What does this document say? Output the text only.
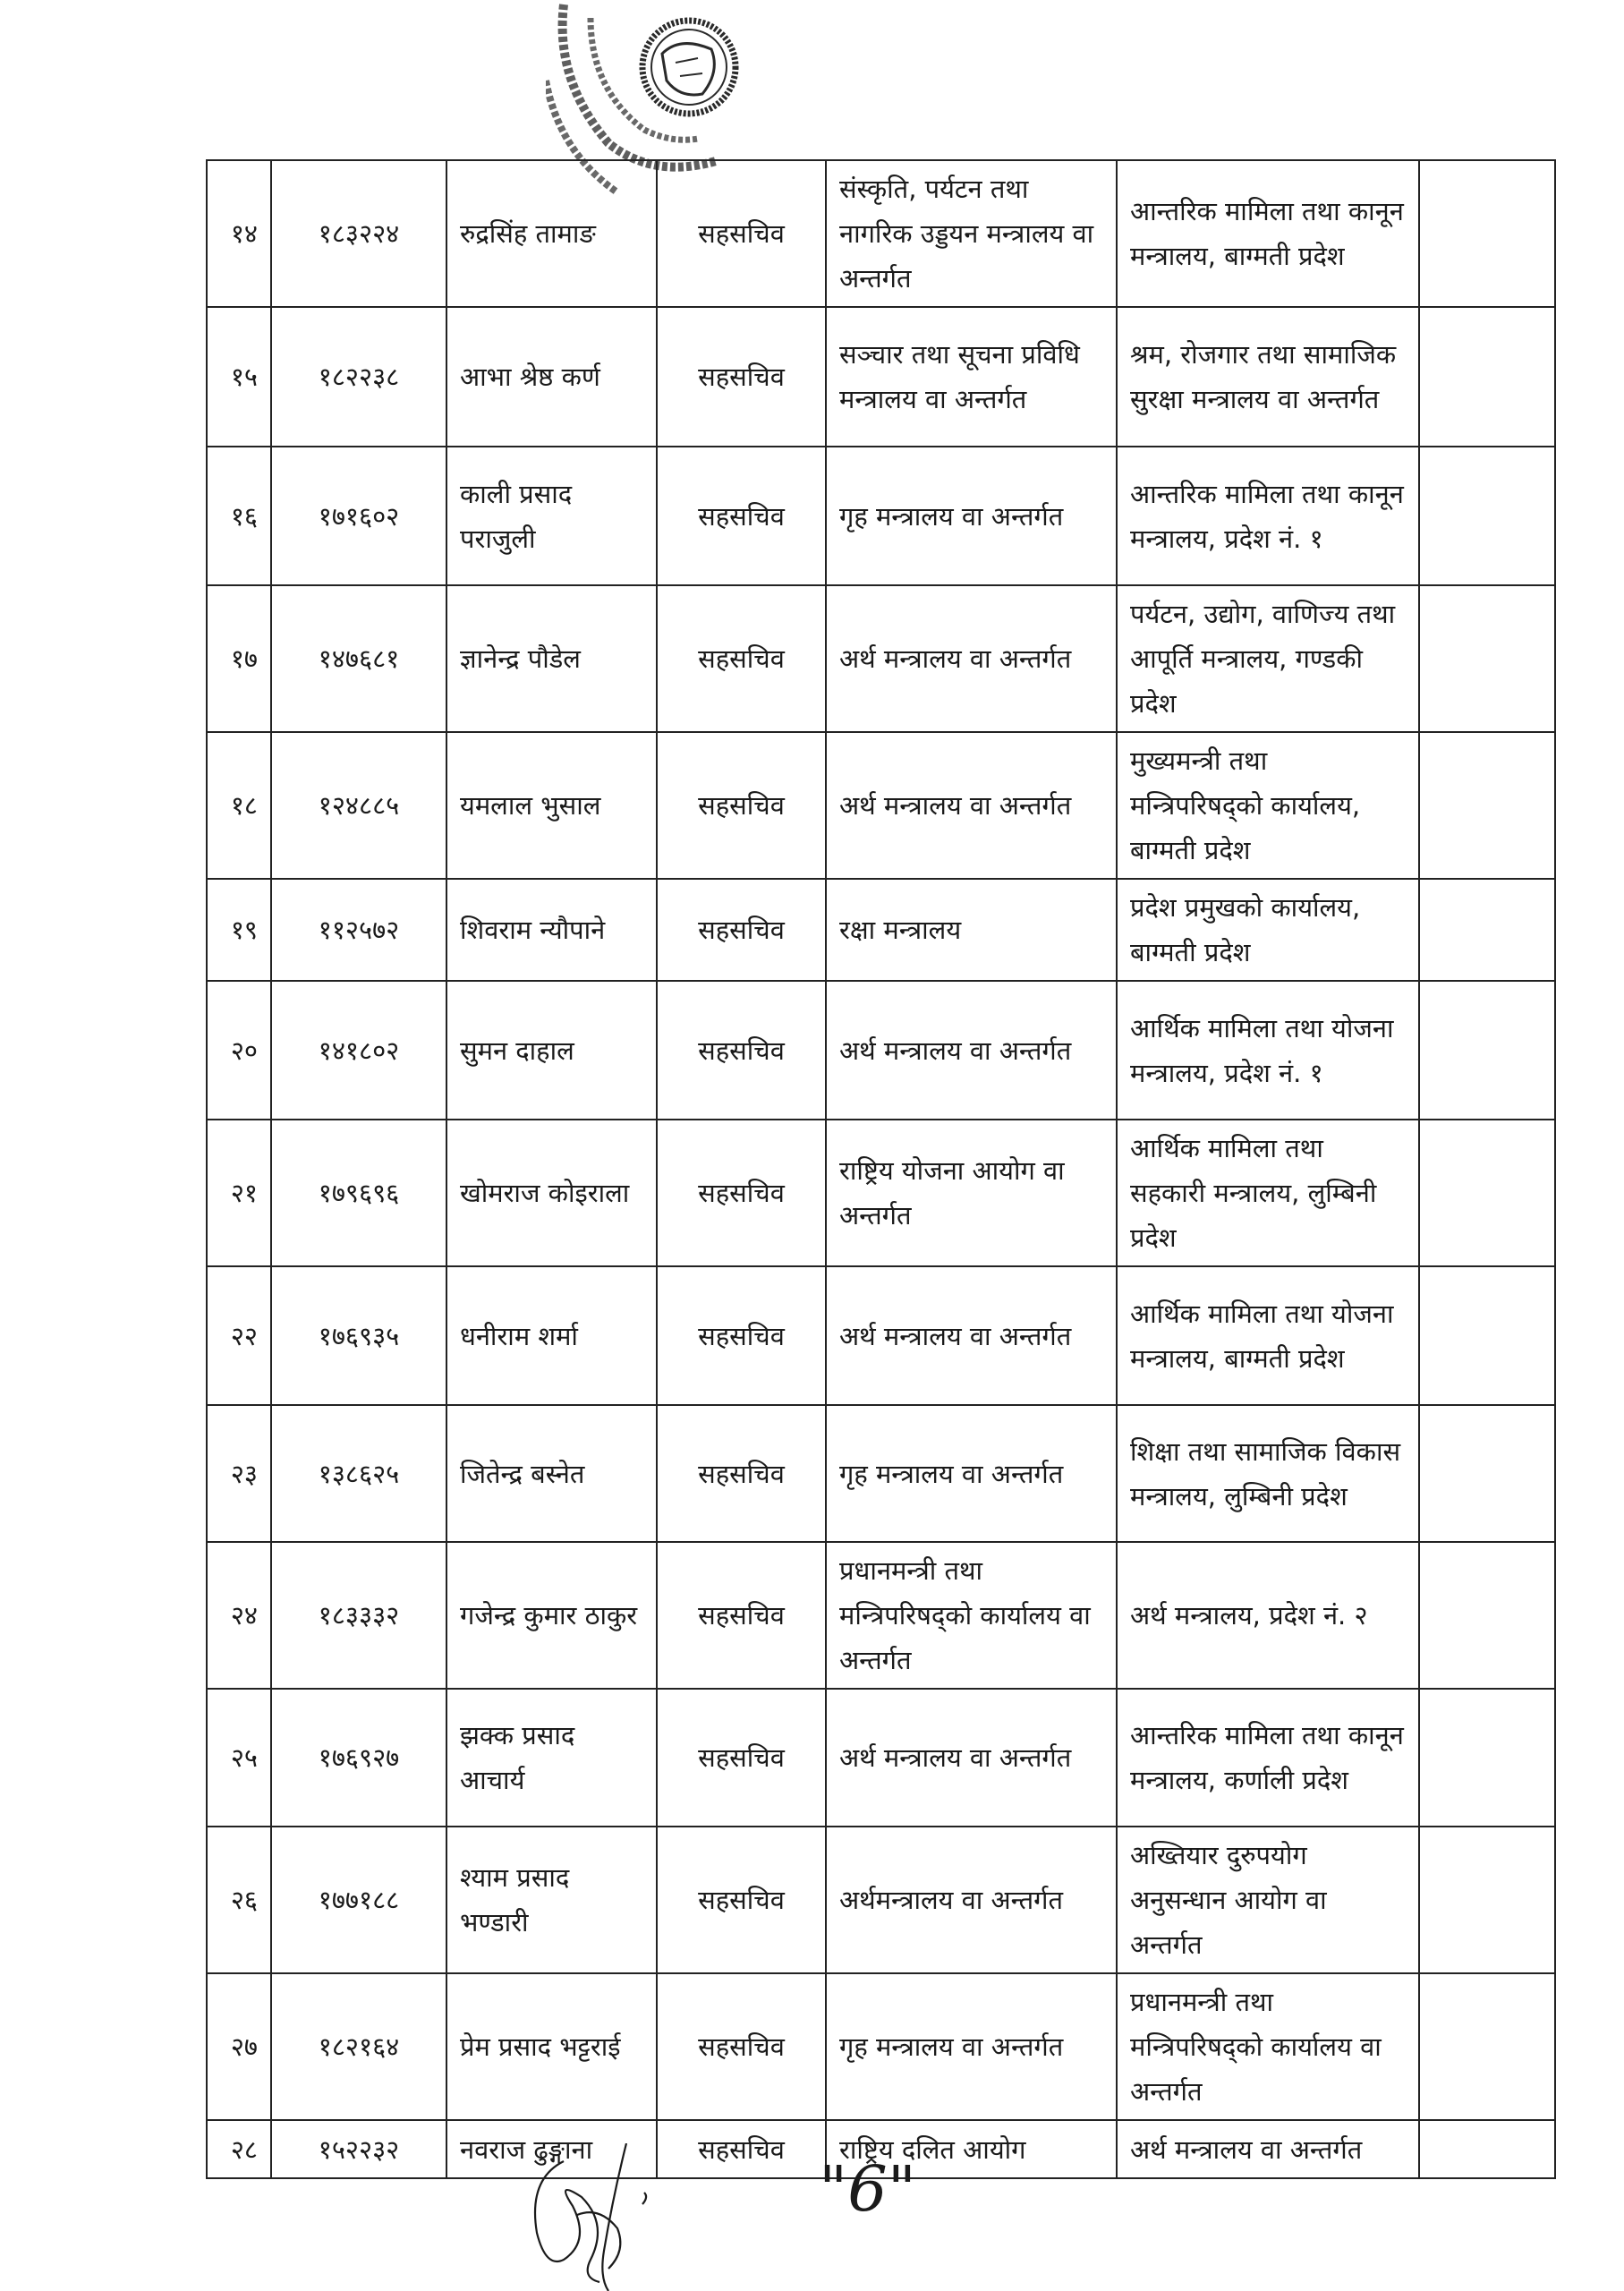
१४	१८३२२४	रुद्रसिंह तामाङ	सहसचिव	संस्कृति, पर्यटन तथा नागरिक उड्डयन मन्त्रालय वा अन्तर्गत	आन्तरिक मामिला तथा कानून मन्त्रालय, बाग्मती प्रदेश	
१५	१८२२३८	आभा श्रेष्ठ कर्ण	सहसचिव	सञ्चार तथा सूचना प्रविधि मन्त्रालय वा अन्तर्गत	श्रम, रोजगार तथा सामाजिक सुरक्षा मन्त्रालय वा अन्तर्गत	
१६	१७१६०२	काली प्रसाद पराजुली	सहसचिव	गृह मन्त्रालय वा अन्तर्गत	आन्तरिक मामिला तथा कानून मन्त्रालय, प्रदेश नं. १	
१७	१४७६८१	ज्ञानेन्द्र पौडेल	सहसचिव	अर्थ मन्त्रालय वा अन्तर्गत	पर्यटन, उद्योग, वाणिज्य तथा आपूर्ति मन्त्रालय, गण्डकी प्रदेश	
१८	१२४८८५	यमलाल भुसाल	सहसचिव	अर्थ मन्त्रालय वा अन्तर्गत	मुख्यमन्त्री तथा मन्त्रिपरिषद्को कार्यालय, बाग्मती प्रदेश	
१९	११२५७२	शिवराम न्यौपाने	सहसचिव	रक्षा मन्त्रालय	प्रदेश प्रमुखको कार्यालय, बाग्मती प्रदेश	
२०	१४१८०२	सुमन दाहाल	सहसचिव	अर्थ मन्त्रालय वा अन्तर्गत	आर्थिक मामिला तथा योजना मन्त्रालय, प्रदेश नं. १	
२१	१७९६९६	खोमराज कोइराला	सहसचिव	राष्ट्रिय योजना आयोग वा अन्तर्गत	आर्थिक मामिला तथा सहकारी मन्त्रालय, लुम्बिनी प्रदेश	
२२	१७६९३५	धनीराम शर्मा	सहसचिव	अर्थ मन्त्रालय वा अन्तर्गत	आर्थिक मामिला तथा योजना मन्त्रालय, बाग्मती प्रदेश	
२३	१३८६२५	जितेन्द्र बस्नेत	सहसचिव	गृह मन्त्रालय वा अन्तर्गत	शिक्षा तथा सामाजिक विकास मन्त्रालय, लुम्बिनी प्रदेश	
२४	१८३३३२	गजेन्द्र कुमार ठाकुर	सहसचिव	प्रधानमन्त्री तथा मन्त्रिपरिषद्को कार्यालय वा अन्तर्गत	अर्थ मन्त्रालय, प्रदेश नं. २	
२५	१७६९२७	झक्क प्रसाद आचार्य	सहसचिव	अर्थ मन्त्रालय वा अन्तर्गत	आन्तरिक मामिला तथा कानून मन्त्रालय, कर्णाली प्रदेश	
२६	१७७१८८	श्याम प्रसाद भण्डारी	सहसचिव	अर्थमन्त्रालय वा अन्तर्गत	अख्तियार दुरुपयोग अनुसन्धान आयोग वा अन्तर्गत	
२७	१८२१६४	प्रेम प्रसाद भट्टराई	सहसचिव	गृह मन्त्रालय वा अन्तर्गत	प्रधानमन्त्री तथा मन्त्रिपरिषद्को कार्यालय वा अन्तर्गत	
२८	१५२२३२	नवराज ढुङ्गाना	सहसचिव	राष्ट्रिय दलित आयोग	अर्थ मन्त्रालय वा अन्तर्गत	
"6"
